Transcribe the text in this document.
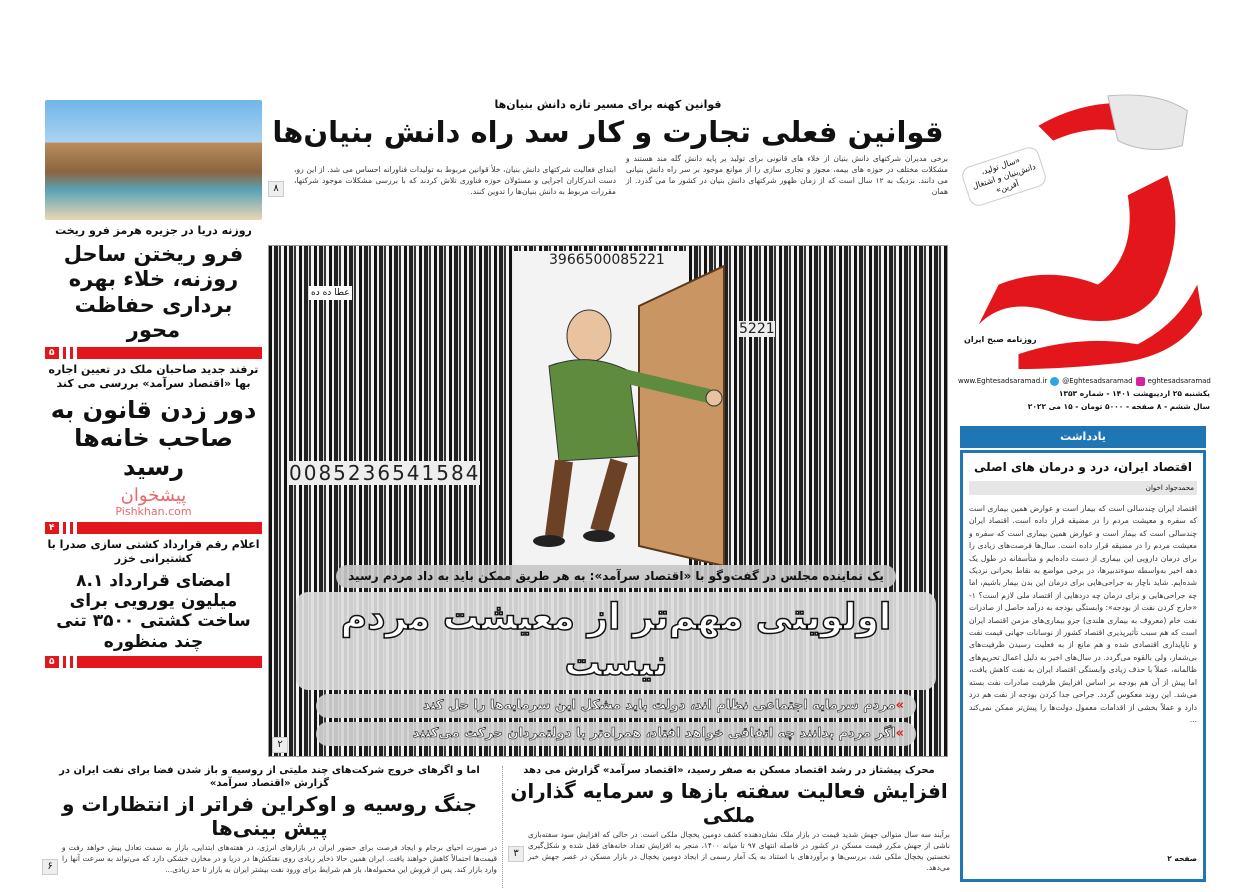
«سال تولید، دانش‌بنیان و اشتغال آفرین»
روزنامه صبح ایران
www.Eghtesadsaramad.ir @Eghtesadsaramad eghtesadsaramad
یکشنبه ۲۵ اردیبهشت ۱۴۰۱ - شماره ۱۳۵۳
سال ششم - ۸ صفحه - ۵۰۰۰ تومان - ۱۵ می ۲۰۲۲
یادداشت
اقتصاد ایران، درد و درمان های اصلی
محمدجواد اخوان
اقتصاد ایران چندسالی است که بیمار است و عوارض همین بیماری است که سفره و معیشت مردم را در مضیقه قرار داده است. اقتصاد ایران چندسالی است که بیمار است و عوارض همین بیماری است که سفره و معیشت مردم را در مضیقه قرار داده است. سال‌ها فرصت‌های زیادی را برای درمان دارویی این بیماری از دست داده‌ایم و متأسفانه در طول یک دهه اخیر به‌واسطه سوءتدبیرها، در برخی مواضع به نقاط بحرانی نزدیک شده‌ایم. شاید ناچار به جراحی‌هایی برای درمان این بدن بیمار باشیم، اما چه جراحی‌هایی و برای درمان چه دردهایی از اقتصاد ملی لازم است؟ ۱- «خارج کردن نفت از بودجه»: وابستگی بودجه به درآمد حاصل از صادرات نفت خام (معروف به بیماری هلندی) جزو بیماری‌های مزمن اقتصاد ایران است که هم سبب تأثیرپذیری اقتصاد کشور از نوسانات جهانی قیمت نفت و ناپایداری اقتصادی شده و هم مانع از به فعلیت رسیدن ظرفیت‌های بی‌شمار، ولی بالقوه می‌گردد. در سال‌های اخیر به دلیل اعمال تحریم‌های ظالمانه، عملاً با حذف زیادی وابستگی اقتصاد ایران به نفت کاهش یافت، اما پیش از آن هم بودجه بر اساس افزایش ظرفیت صادرات نفت بسته می‌شد. این روند معکوس گردد. جراحی جدا کردن بودجه از نفت هم درد دارد و عملاً بخشی از اقدامات معمول دولت‌ها را پیش‌تر ممکن نمی‌کند ...
صفحه ۲
قوانین کهنه برای مسیر تازه دانش بنیان‌ها
قوانین فعلی تجارت و کار سد راه دانش بنیان‌ها
برخی مدیران شرکتهای دانش بنیان از خلاء های قانونی برای تولید بر پایه دانش گله مند هستند و مشکلات مختلف در حوزه های بیمه، مجوز و تجاری سازی را از موانع موجود بر سر راه دانش بنیانی می دانند. نزدیک به ۱۲ سال است که از زمان ظهور شرکتهای دانش بنیان در کشور ما می گذرد. از همان
ابتدای فعالیت شرکتهای دانش بنیان، خلأ قوانین مربوط به تولیدات فناورانه احساس می شد. از این رو، دست اندرکاران اجرایی و مسئولان حوزه فناوری تلاش کردند که با بررسی مشکلات موجود شرکتها، مقررات مربوط به دانش بنیان‌ها را تدوین کنند.
۸
0085236541584
3966500085221
5221
عطا ده ده
یک نماینده مجلس در گفت‌وگو با «اقتصاد سرآمد»: به هر طریق ممکن باید به داد مردم رسید
اولویتی مهم‌تر از معیشت مردم نیست
»مردم سرمایه اجتماعی نظام اند، دولت باید مشکل این سرمایه‌ها را حل کند
»اگر مردم بدانند چه اتفاقی خواهد افتاد، همراه‌تر با دولتمردان حرکت می‌کنند
۲
روزنه دریا در جزیره هرمز فرو ریخت
فرو ریختن ساحل روزنه، خلاء بهره برداری حفاظت محور
۵
ترفند جدید صاحبان ملک در تعیین اجاره بها «اقتصاد سرآمد» بررسی می کند
دور زدن قانون به صاحب خانه‌ها رسید
پیشخوان
Pishkhan.com
۴
اعلام رقم قرارداد کشتی سازی صدرا با کشتیرانی خزر
امضای قرارداد ۸.۱ میلیون یورویی برای ساخت کشتی ۳۵۰۰ تنی چند منظوره
۵
محرک پیشتاز در رشد اقتصاد مسکن به صفر رسید، «اقتصاد سرآمد» گزارش می دهد
افزایش فعالیت سفته بازها و سرمایه گذاران ملکی
برآیند سه سال متوالی جهش شدید قیمت در بازار ملک نشان‌دهنده کشف دومین یخچال ملکی است. در حالی که افزایش سود سفته‌بازی ناشی از جهش مکرر قیمت مسکن در کشور در فاصله انتهای ۹۷ تا میانه ۱۴۰۰، منجر به افزایش تعداد خانه‌های قفل شده و شکل‌گیری نخستین یخچال ملکی شد، بررسی‌ها و برآوردهای با استناد به یک آمار رسمی از ایجاد دومین یخچال در بازار مسکن در عصر جهش خبر می‌دهد.
۳
اما و اگرهای خروج شرکت‌های چند ملیتی از روسیه و باز شدن فضا برای نفت ایران در گزارش «اقتصاد سرآمد»
جنگ روسیه و اوکراین فراتر از انتظارات و پیش بینی‌ها
در صورت احیای برجام و ایجاد فرصت برای حضور ایران در بازارهای انرژی، در هفته‌های ابتدایی، بازار به سمت تعادل پیش خواهد رفت و قیمت‌ها احتمالاً کاهش خواهند یافت. ایران همین حالا ذخایر زیادی روی نفتکش‌ها در دریا و در مخازن خشکی دارد که می‌تواند به سرعت آنها را وارد بازار کند. پس از فروش این محموله‌ها، باز هم شرایط برای ورود نفت بیشتر ایران به بازار تا حد زیادی...
۶
